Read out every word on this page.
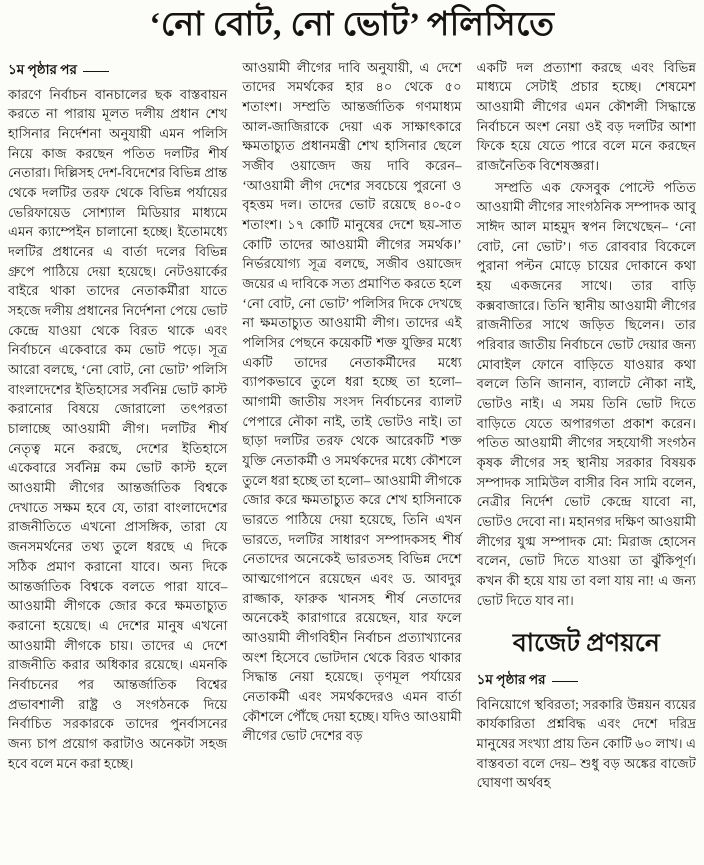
‘নো বোট, নো ভোট’ পলিসিতে
১ম পৃষ্ঠার পর

কারণে নির্বাচন বানচালের ছক বাস্তবায়ন করতে না পারায় মূলত দলীয় প্রধান শেখ হাসিনার নির্দেশনা অনুযায়ী এমন পলিসি নিয়ে কাজ করছেন পতিত দলটির শীর্ষ নেতারা। দিল্লিসহ দেশ-বিদেশের বিভিন্ন প্রান্ত থেকে দলটির তরফ থেকে বিভিন্ন পর্যায়ের ভেরিফায়েড সোশ্যাল মিডিয়ার মাধ্যমে এমন ক্যাম্পেইন চালানো হচ্ছে। ইতোমধ্যে দলটির প্রধানের এ বার্তা দলের বিভিন্ন গ্রুপে পাঠিয়ে দেয়া হয়েছে। নেটওয়ার্কের বাইরে থাকা তাদের নেতাকর্মীরা যাতে সহজে দলীয় প্রধানের নির্দেশনা পেয়ে ভোট কেন্দ্রে যাওয়া থেকে বিরত থাকে এবং নির্বাচনে একেবারে কম ভোট পড়ে। সূত্র আরো বলছে, ‘নো বোট, নো ভোট’ পলিসি বাংলাদেশের ইতিহাসের সর্বনিম্ন ভোট কাস্ট করানোর বিষয়ে জোরালো তৎপরতা চালাচ্ছে আওয়ামী লীগ। দলটির শীর্ষ নেতৃত্ব মনে করছে, দেশের ইতিহাসে একেবারে সর্বনিম্ন কম ভোট কাস্ট হলে আওয়ামী লীগের আন্তর্জাতিক বিশ্বকে দেখাতে সক্ষম হবে যে, তারা বাংলাদেশের রাজনীতিতে এখনো প্রাসঙ্গিক, তারা যে জনসমর্থনের তথ্য তুলে ধরছে এ দিকে সঠিক প্রমাণ করানো যাবে। অন্য দিকে আন্তর্জাতিক বিশ্বকে বলতে পারা যাবে– আওয়ামী লীগকে জোর করে ক্ষমতাচ্যুত করানো হয়েছে। এ দেশের মানুষ এখনো আওয়ামী লীগকে চায়। তাদের এ দেশে রাজনীতি করার অধিকার রয়েছে। এমনকি নির্বাচনের পর আন্তর্জাতিক বিশ্বের প্রভাবশালী রাষ্ট্র ও সংগঠনকে দিয়ে নির্বাচিত সরকারকে তাদের পুনর্বাসনের জন্য চাপ প্রয়োগ করাটাও অনেকটা সহজ হবে বলে মনে করা হচ্ছে।

আওয়ামী লীগের দাবি অনুযায়ী, এ দেশে তাদের সমর্থকের হার ৪০ থেকে ৫০ শতাংশ। সম্প্রতি আন্তর্জাতিক গণমাধ্যম আল-জাজিরাকে দেয়া এক সাক্ষাৎকারে ক্ষমতাচ্যুত প্রধানমন্ত্রী শেখ হাসিনার ছেলে সজীব ওয়াজেদ জয় দাবি করেন– ‘আওয়ামী লীগ দেশের সবচেয়ে পুরনো ও বৃহত্তম দল। তাদের ভোট রয়েছে ৪০-৫০ শতাংশ। ১৭ কোটি মানুষের দেশে ছয়-সাত কোটি তাদের আওয়ামী লীগের সমর্থক।’ নির্ভরযোগ্য সূত্র বলছে, সজীব ওয়াজেদ জয়ের এ দাবিকে সত্য প্রমাণিত করতে হলে ‘নো বোট, নো ভোট’ পলিসির দিকে দেখছে না ক্ষমতাচ্যুত আওয়ামী লীগ। তাদের এই পলিসির পেছনে কয়েকটি শক্ত যুক্তির মধ্যে একটি তাদের নেতাকর্মীদের মধ্যে ব্যাপকভাবে তুলে ধরা হচ্ছে তা হলো– আগামী জাতীয় সংসদ নির্বাচনের ব্যালট পেপারে নৌকা নাই, তাই ভোটও নাই। তা ছাড়া দলটির তরফ থেকে আরেকটি শক্ত যুক্তি নেতাকর্মী ও সমর্থকদের মধ্যে কৌশলে তুলে ধরা হচ্ছে তা হলো– আওয়ামী লীগকে জোর করে ক্ষমতাচ্যুত করে শেখ হাসিনাকে ভারতে পাঠিয়ে দেয়া হয়েছে, তিনি এখন ভারতে, দলটির সাধারণ সম্পাদকসহ শীর্ষ নেতাদের অনেকেই ভারতসহ বিভিন্ন দেশে আত্মগোপনে রয়েছেন এবং ড. আবদুর রাজ্জাক, ফারুক খানসহ শীর্ষ নেতাদের অনেকেই কারাগারে রয়েছেন, যার ফলে আওয়ামী লীগবিহীন নির্বাচন প্রত্যাখ্যানের অংশ হিসেবে ভোটদান থেকে বিরত থাকার সিদ্ধান্ত নেয়া হয়েছে। তৃণমূল পর্যায়ের নেতাকর্মী এবং সমর্থকদেরও এমন বার্তা কৌশলে পৌঁছে দেয়া হচ্ছে। যদিও আওয়ামী লীগের ভোট দেশের বড়

একটি দল প্রত্যাশা করছে এবং বিভিন্ন মাধ্যমে সেটাই প্রচার হচ্ছে। শেষমেশ আওয়ামী লীগের এমন কৌশলী সিদ্ধান্তে নির্বাচনে অংশ নেয়া ওই বড় দলটির আশা ফিকে হয়ে যেতে পারে বলে মনে করছেন রাজনৈতিক বিশেষজ্ঞরা।

সম্প্রতি এক ফেসবুক পোস্টে পতিত আওয়ামী লীগের সাংগঠনিক সম্পাদক আবু সাঈদ আল মাহমুদ স্বপন লিখেছেন– ‘নো বোট, নো ভোট’। গত রোববার বিকেলে পুরানা পল্টন মোড়ে চায়ের দোকানে কথা হয় একজনের সাথে। তার বাড়ি কক্সবাজারে। তিনি স্থানীয় আওয়ামী লীগের রাজনীতির সাথে জড়িত ছিলেন। তার পরিবার জাতীয় নির্বাচনে ভোট দেয়ার জন্য মোবাইল ফোনে বাড়িতে যাওয়ার কথা বললে তিনি জানান, ব্যালটে নৌকা নাই, ভোটও নাই। এ সময় তিনি ভোট দিতে বাড়িতে যেতে অপারগতা প্রকাশ করেন। পতিত আওয়ামী লীগের সহযোগী সংগঠন কৃষক লীগের সহ স্থানীয় সরকার বিষয়ক সম্পাদক সামিউল বাসীর বিন সামি বলেন, নেত্রীর নির্দেশ ভোট কেন্দ্রে যাবো না, ভোটও দেবো না। মহানগর দক্ষিণ আওয়ামী লীগের যুগ্ম সম্পাদক মো: মিরাজ হোসেন বলেন, ভোট দিতে যাওয়া তা ঝুঁকিপূর্ণ। কখন কী হয়ে যায় তা বলা যায় না! এ জন্য ভোট দিতে যাব না।

বাজেট প্রণয়নে
১ম পৃষ্ঠার পর

বিনিয়োগে স্থবিরতা; সরকারি উন্নয়ন ব্যয়ের কার্যকারিতা প্রশ্নবিদ্ধ এবং দেশে দরিদ্র মানুষের সংখ্যা প্রায় তিন কোটি ৬০ লাখ। এ বাস্তবতা বলে দেয়– শুধু বড় অঙ্কের বাজেট ঘোষণা অর্থবহ
